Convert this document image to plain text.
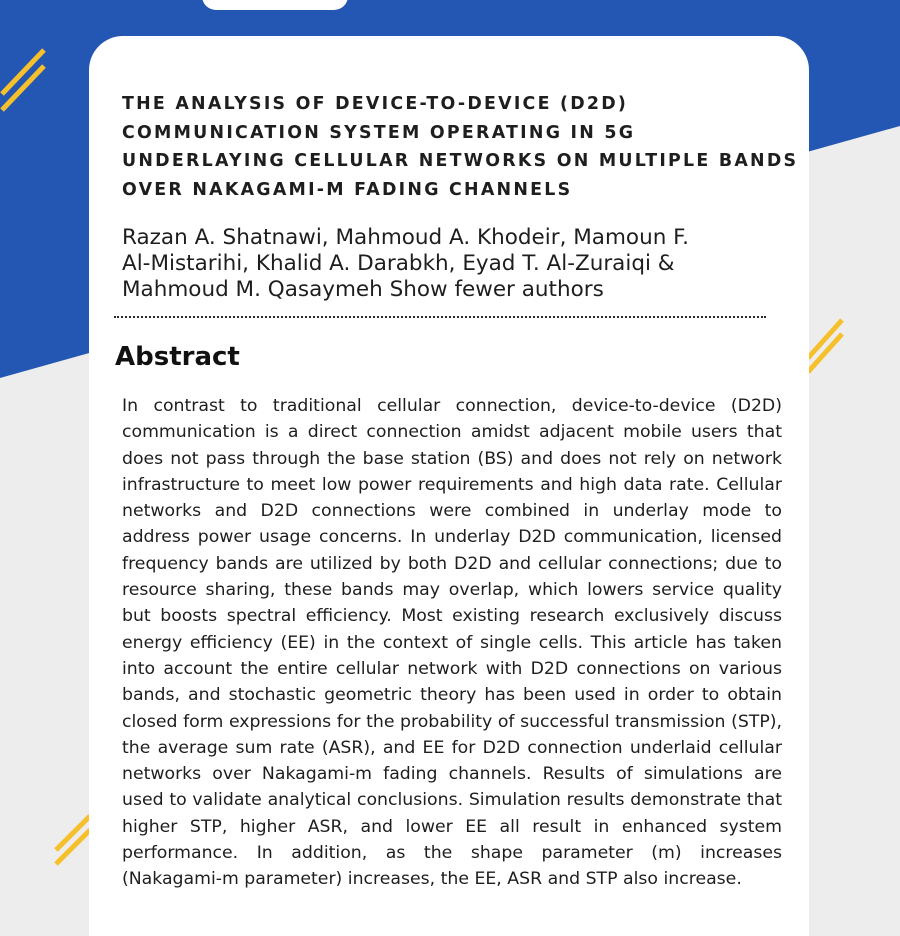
THE ANALYSIS OF DEVICE-TO-DEVICE (D2D)
COMMUNICATION SYSTEM OPERATING IN 5G
UNDERLAYING CELLULAR NETWORKS ON MULTIPLE BANDS
OVER NAKAGAMI-M FADING CHANNELS

Razan A. Shatnawi, Mahmoud A. Khodeir, Mamoun F.
Al-Mistarihi, Khalid A. Darabkh, Eyad T. Al-Zuraiqi &
Mahmoud M. Qasaymeh Show fewer authors

Abstract

In contrast to traditional cellular connection, device-to-device (D2D) communication is a direct connection amidst adjacent mobile users that does not pass through the base station (BS) and does not rely on network infrastructure to meet low power requirements and high data rate. Cellular networks and D2D connections were combined in underlay mode to address power usage concerns. In underlay D2D communication, licensed frequency bands are utilized by both D2D and cellular connections; due to resource sharing, these bands may overlap, which lowers service quality but boosts spectral efficiency. Most existing research exclusively discuss energy efficiency (EE) in the context of single cells. This article has taken into account the entire cellular network with D2D connections on various bands, and stochastic geometric theory has been used in order to obtain closed form expressions for the probability of successful transmission (STP), the average sum rate (ASR), and EE for D2D connection underlaid cellular networks over Nakagami-m fading channels. Results of simulations are used to validate analytical conclusions. Simulation results demonstrate that higher STP, higher ASR, and lower EE all result in enhanced system performance. In addition, as the shape parameter (m) increases (Nakagami-m parameter) increases, the EE, ASR and STP also increase.
